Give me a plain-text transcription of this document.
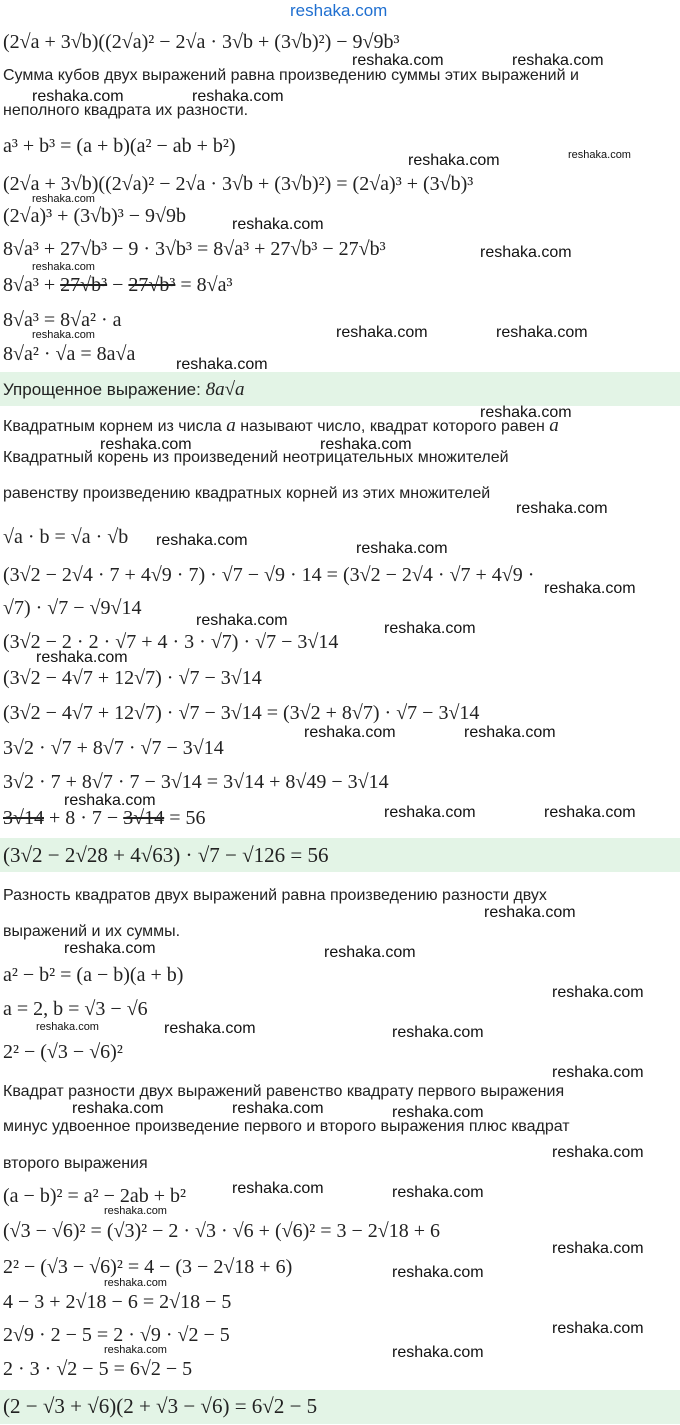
(2√a + 3√b)((2√a)² − 2√a · 3√b + (3√b)²) − 9√9b³
Сумма кубов двух выражений равна произведению суммы этих выражений и
неполного квадрата их разности.
a³ + b³ = (a + b)(a² − ab + b²)
(2√a + 3√b)((2√a)² − 2√a · 3√b + (3√b)²) = (2√a)³ + (3√b)³
(2√a)³ + (3√b)³ − 9√9b
8√a³ + 27√b³ − 9 · 3√b³ = 8√a³ + 27√b³ − 27√b³
8√a³ + 27√b³ − 27√b³ = 8√a³
8√a³ = 8√a² · a
8√a² · √a = 8a√a
Упрощенное выражение: 8a√a
Квадратным корнем из числа a называют число, квадрат которого равен a
Квадратный корень из произведений неотрицательных множителей
равенству произведению квадратных корней из этих множителей
√a · b = √a · √b
(3√2 − 2√4 · 7 + 4√9 · 7) · √7 − √9 · 14 = (3√2 − 2√4 · √7 + 4√9 ·
√7) · √7 − √9√14
(3√2 − 2 · 2 · √7 + 4 · 3 · √7) · √7 − 3√14
(3√2 − 4√7 + 12√7) · √7 − 3√14
(3√2 − 4√7 + 12√7) · √7 − 3√14 = (3√2 + 8√7) · √7 − 3√14
3√2 · √7 + 8√7 · √7 − 3√14
3√2 · 7 + 8√7 · 7 − 3√14 = 3√14 + 8√49 − 3√14
3√14 + 8 · 7 − 3√14 = 56
(3√2 − 2√28 + 4√63) · √7 − √126 = 56
Разность квадратов двух выражений равна произведению разности двух
выражений и их суммы.
a² − b² = (a − b)(a + b)
a = 2, b = √3 − √6
2² − (√3 − √6)²
Квадрат разности двух выражений равенство квадрату первого выражения
минус удвоенное произведение первого и второго выражения плюс квадрат
второго выражения
(a − b)² = a² − 2ab + b²
(√3 − √6)² = (√3)² − 2 · √3 · √6 + (√6)² = 3 − 2√18 + 6
2² − (√3 − √6)² = 4 − (3 − 2√18 + 6)
4 − 3 + 2√18 − 6 = 2√18 − 5
2√9 · 2 − 5 = 2 · √9 · √2 − 5
2 · 3 · √2 − 5 = 6√2 − 5
(2 − √3 + √6)(2 + √3 − √6) = 6√2 − 5
reshaka.com
reshaka.com	reshaka.com
reshaka.com	reshaka.com
reshaka.com	reshaka.com
reshaka.com
reshaka.com
reshaka.com
reshaka.com
reshaka.com	reshaka.com
reshaka.com
reshaka.com
reshaka.com
reshaka.com	reshaka.com
reshaka.com
reshaka.com	reshaka.com
reshaka.com
reshaka.com	reshaka.com
reshaka.com
reshaka.com	reshaka.com
reshaka.com
reshaka.com	reshaka.com
reshaka.com
reshaka.com	reshaka.com
reshaka.com
reshaka.com	reshaka.com	reshaka.com
reshaka.com
reshaka.com	reshaka.com	reshaka.com
reshaka.com
reshaka.com	reshaka.com
reshaka.com
reshaka.com
reshaka.com
reshaka.com
reshaka.com
reshaka.com	reshaka.com
